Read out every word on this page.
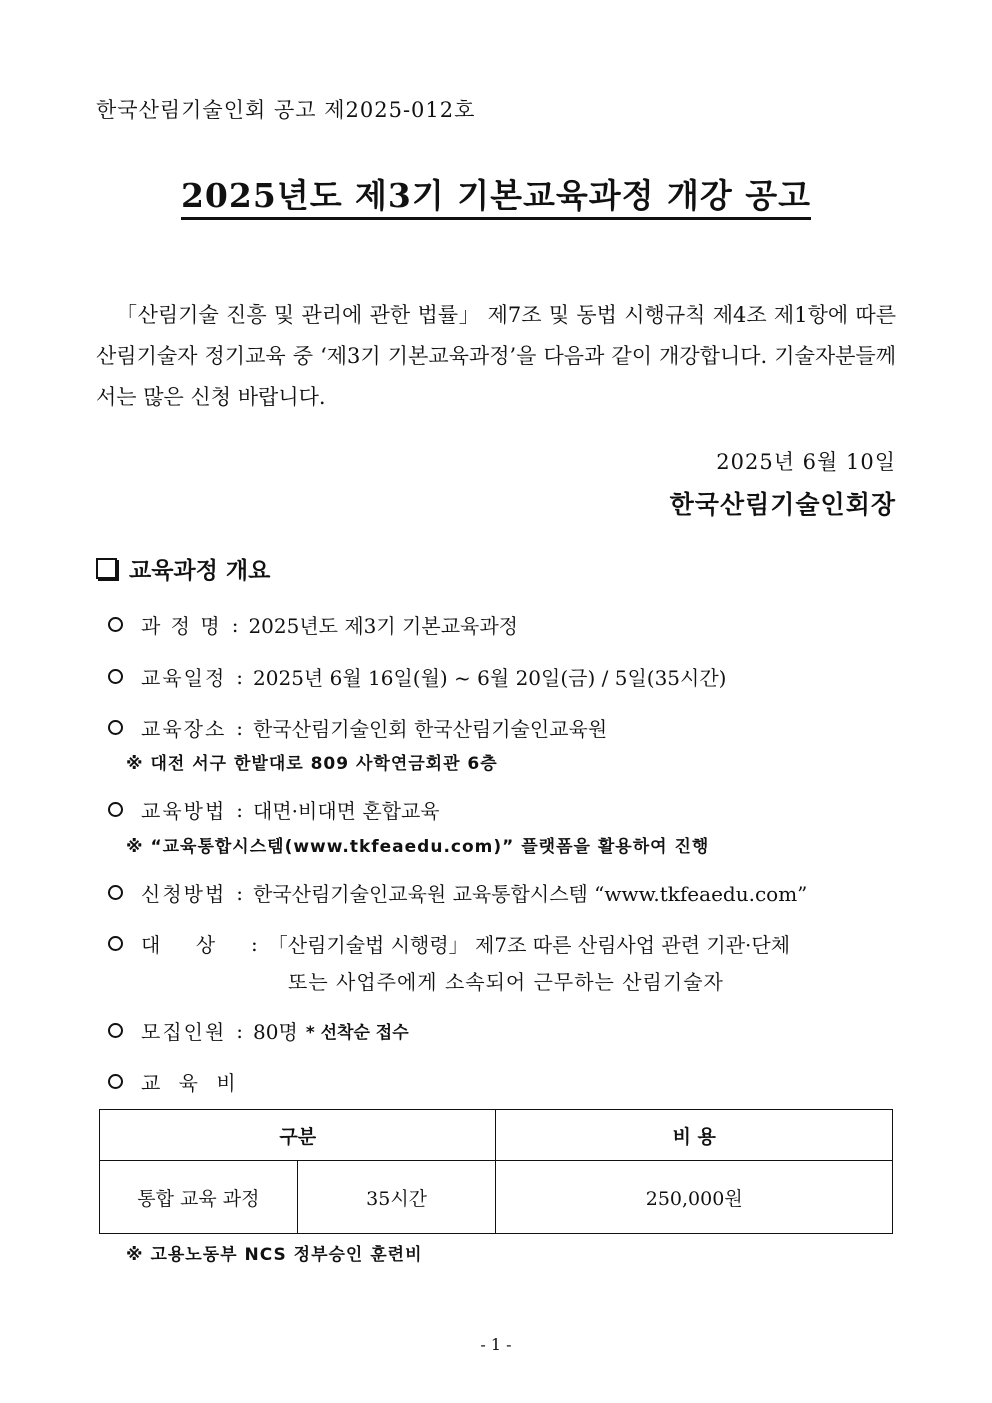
한국산림기술인회 공고 제2025-012호
2025년도 제3기 기본교육과정 개강 공고

「산림기술 진흥 및 관리에 관한 법률」 제7조 및 동법 시행규칙 제4조 제1항에 따른 산림기술자 정기교육 중 ‘제3기 기본교육과정’을 다음과 같이 개강합니다. 기술자분들께서는 많은 신청 바랍니다.

2025년 6월 10일
한국산림기술인회장
교육과정 개요
과 정 명 : 2025년도 제3기 기본교육과정
교육일정 : 2025년 6월 16일(월) ~ 6월 20일(금) / 5일(35시간)
교육장소 : 한국산림기술인회 한국산림기술인교육원
※ 대전 서구 한밭대로 809 사학연금회관 6층
교육방법 : 대면·비대면 혼합교육
※ “교육통합시스템(www.tkfeaedu.com)” 플랫폼을 활용하여 진행
신청방법 : 한국산림기술인교육원 교육통합시스템 “www.tkfeaedu.com”
대    상	: 「산림기술법 시행령」 제7조 따른 산림사업 관련 기관·단체
또는 사업주에게 소속되어 근무하는 산림기술자
모집인원 : 80명 * 선착순 접수
교 육 비
구분		비 용
통합 교육 과정	35시간	250,000원
※ 고용노동부 NCS 정부승인 훈련비
- 1 -
